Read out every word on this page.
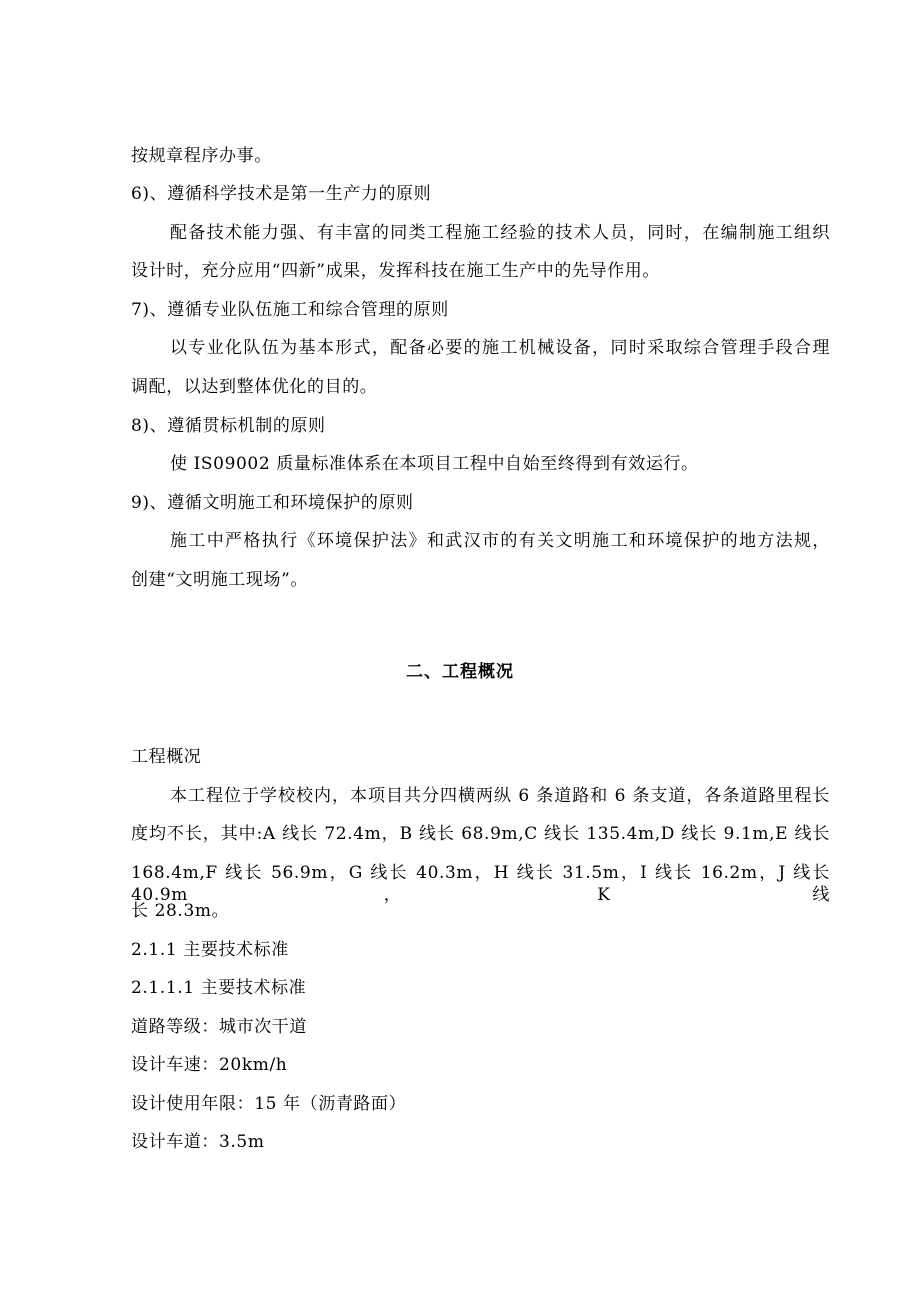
按规章程序办事。
6)、遵循科学技术是第一生产力的原则
配备技术能力强、有丰富的同类工程施工经验的技术人员，同时，在编制施工组织
设计时，充分应用“四新”成果，发挥科技在施工生产中的先导作用。
7)、遵循专业队伍施工和综合管理的原则
以专业化队伍为基本形式，配备必要的施工机械设备，同时采取综合管理手段合理
调配，以达到整体优化的目的。
8)、遵循贯标机制的原则
使 IS09002 质量标准体系在本项目工程中自始至终得到有效运行。
9)、遵循文明施工和环境保护的原则
施工中严格执行《环境保护法》和武汉市的有关文明施工和环境保护的地方法规，
创建“文明施工现场”。
二、工程概况
工程概况
本工程位于学校校内，本项目共分四横两纵 6 条道路和 6 条支道，各条道路里程长
度均不长，其中:A 线长 72.4m，B 线长 68.9m,C 线长 135.4m,D 线长 9.1m,E 线长
168.4m,F 线长 56.9m，G 线长 40.3m，H 线长 31.5m，I 线长 16.2m，J 线长 40.9m，K 线
长 28.3m。
2.1.1 主要技术标准
2.1.1.1 主要技术标准
道路等级：城市次干道
设计车速：20km/h
设计使用年限：15 年（沥青路面）
设计车道：3.5m
